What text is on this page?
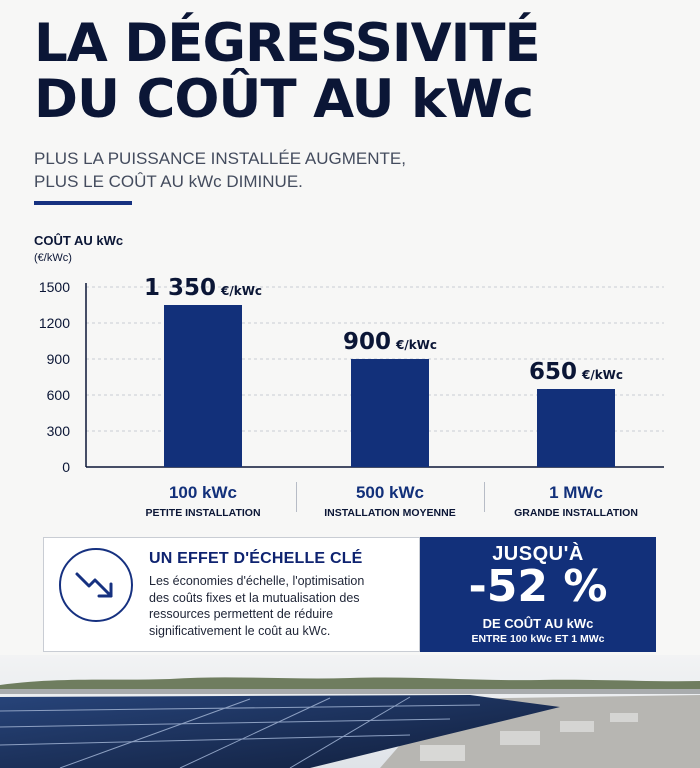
LA DÉGRESSIVITÉ
DU COÛT AU kWc
PLUS LA PUISSANCE INSTALLÉE AUGMENTE,
PLUS LE COÛT AU kWc DIMINUE.
COÛT AU kWc
(€/kWc)
0
300
600
900
1200
1500	1 350 €/kWc
100 kWc
PETITE INSTALLATION
900 €/kWc
500 kWc
INSTALLATION MOYENNE
650 €/kWc
1 MWc
GRANDE INSTALLATION
UN EFFET D'ÉCHELLE CLÉ
Les économies d'échelle, l'optimisation
des coûts fixes et la mutualisation des
ressources permettent de réduire
significativement le coût au kWc.
JUSQU'À
-52 %
DE COÛT AU kWc
ENTRE 100 kWc ET 1 MWc
